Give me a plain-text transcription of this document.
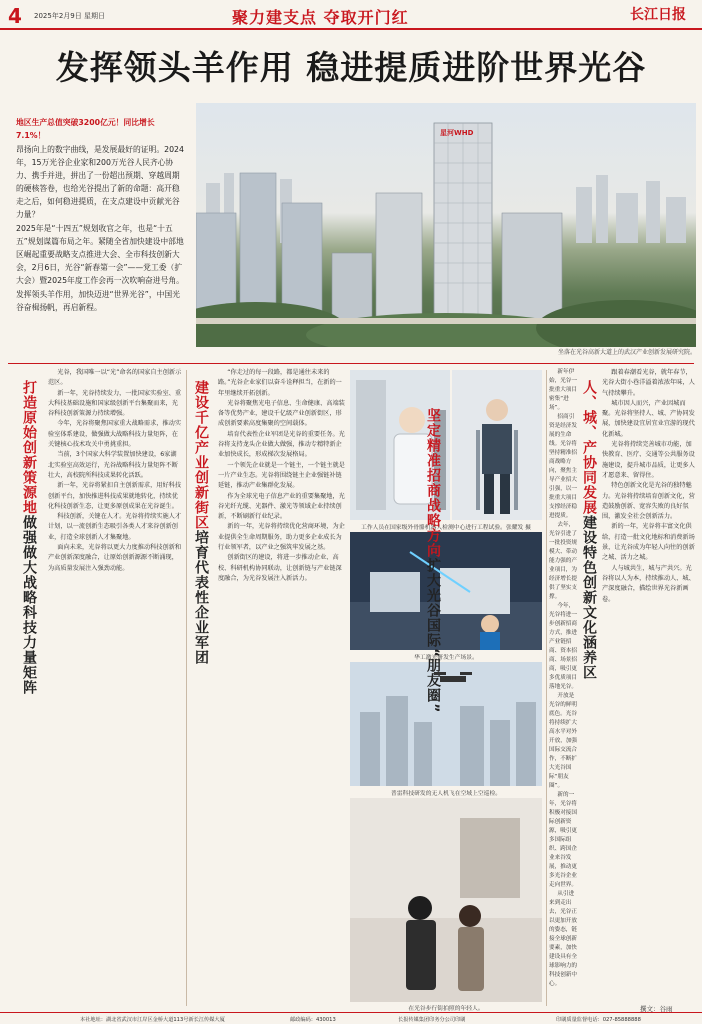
4	2025年2月9日 星期日	聚力建支点 夺取开门红	长江日报
发挥领头羊作用 稳进提质进阶世界光谷

地区生产总值突破3200亿元！同比增长7.1%！

昂扬向上的数字曲线，是发展最好的证明。2024年，15万光谷企业家和200万光谷人民齐心协力、携手并进，拼出了一份超出预期、穿越周期的硬核答卷，也给光谷提出了新的命题：高开稳走之后，如何稳进提质，在支点建设中贡献光谷力量？

2025年是“十四五”规划收官之年，也是“十五五”规划谋篇布局之年。紧随全省加快建设中部地区崛起重要战略支点推进大会、全市科技创新大会，2月6日，光谷“新春第一会”——党工委（扩大会）暨2025年度工作会再一次吹响奋进号角。

发挥领头羊作用，加快迈进“世界光谷”，中国光谷奋楫扬帆，再启新程。

星河WHD
坐落在光谷高新大道上的武汉产业创新发展研究院。
打造原始创新策源地做强做大战略科技力量矩阵

光谷，我国唯一以“光”命名的国家自主创新示范区。

新一年，光谷持续发力，一批国家实验室、重大科技基础设施和国家级创新平台集聚而来，光谷科技创新策源力持续增强。

今年，光谷将聚焦国家重大战略需求，推动实验室体系建设，做强做大战略科技力量矩阵，在关键核心技术攻关中勇挑重担。

当前，3个国家大科学装置加快建设，6家湖北实验室高效运行，光谷战略科技力量矩阵不断壮大，高校院所科技成果转化活跃。

新一年，光谷将紧扣自主创新需求，用好科技创新平台，加快推进科技成果就地转化，持续优化科技创新生态，让更多原创成果在光谷诞生。

科技创新，关键在人才。光谷将持续实施人才计划，以一流创新生态吸引各类人才来谷创新创业，打造全球创新人才集聚地。

面向未来，光谷将以更大力度推动科技创新和产业创新深度融合，让原始创新源源不断涌现，为高质量发展注入强劲动能。

建设千亿产业创新街区培育代表性企业军团

“你走过的每一段路，都是通往未来的路。”光谷企业家们以奋斗诠释担当，在新的一年里继续开拓创新。

光谷将聚焦光电子信息、生命健康、高端装备等优势产业，建设千亿级产业创新街区，形成创新要素高度集聚的空间载体。

培育代表性企业军团是光谷的重要任务。光谷将支持龙头企业做大做强，推动专精特新企业加快成长，形成梯次发展格局。

一个领先企业就是一个链主，一个链主就是一片产业生态。光谷将围绕链主企业强链补链延链，推动产业集群化发展。

作为全球光电子信息产业的重要集聚地，光谷光纤光缆、光器件、激光等领域企业持续创新，不断刷新行业纪录。

新的一年，光谷将持续优化营商环境，为企业提供全生命周期服务，助力更多企业成长为行业领军者，以产业之强筑牢发展之基。

创新街区的建设，将进一步推动企业、高校、科研机构协同联动，让创新链与产业链深度融合，为光谷发展注入新活力。

工作人员在国家级外骨骼机器人检测中心进行工程试验。张耀发 摄
华工激光研发生产场景。
普雷科技研发的无人机飞在空域上空巡检。
在光谷步行街拍照的年轻人。
坚定精准招商战略方向扩大光谷国际“朋友圈”
人、城、产协同发展建设特色创新文化涵养区

跟着春潮看光谷，就年春节，光谷大街小巷洋溢着浓浓年味，人气持续攀升。

城市因人而兴，产业因城而聚。光谷将坚持人、城、产协同发展，加快建设宜居宜业宜游的现代化新城。

光谷将持续完善城市功能，加快教育、医疗、交通等公共服务设施建设，提升城市品质，让更多人才愿意来、留得住。

特色创新文化是光谷的独特魅力。光谷将持续培育创新文化，营造鼓励创新、宽容失败的良好氛围，激发全社会创新活力。

新的一年，光谷将丰富文化供给，打造一批文化地标和消费新场景，让光谷成为年轻人向往的创新之城、活力之城。

人与城共生，城与产共兴。光谷将以人为本，持续推动人、城、产深度融合，描绘世界光谷新画卷。

新年伊始，光谷一批重大项目密集“进场”。

招商引资是经济发展的生命线。光谷将坚持精准招商战略方向，聚焦主导产业招大引强，以一批重大项目支撑经济稳进提质。

去年，光谷引进了一批投资规模大、带动能力强的产业项目，为经济增长提供了坚实支撑。

今年，光谷将进一步创新招商方式，推进产业链招商、资本招商、场景招商，吸引更多优质项目落地光谷。

开放是光谷的鲜明底色。光谷将持续扩大高水平对外开放，加强国际交流合作，不断扩大光谷国际“朋友圈”。

新的一年，光谷将积极对接国际创新资源，吸引更多国际组织、跨国企业来谷发展，推动更多光谷企业走向世界。

从引进来到走出去，光谷正以更加开放的姿态，链接全球创新要素，加快建设具有全球影响力的科技创新中心。

撰文：谷雨
本社地址：湖北省武汉市江岸区金桥大道113号新长江传媒大厦	邮政编码：430013	长报传媒集团印务分公司印刷	印刷质量监督电话：027-85888888
